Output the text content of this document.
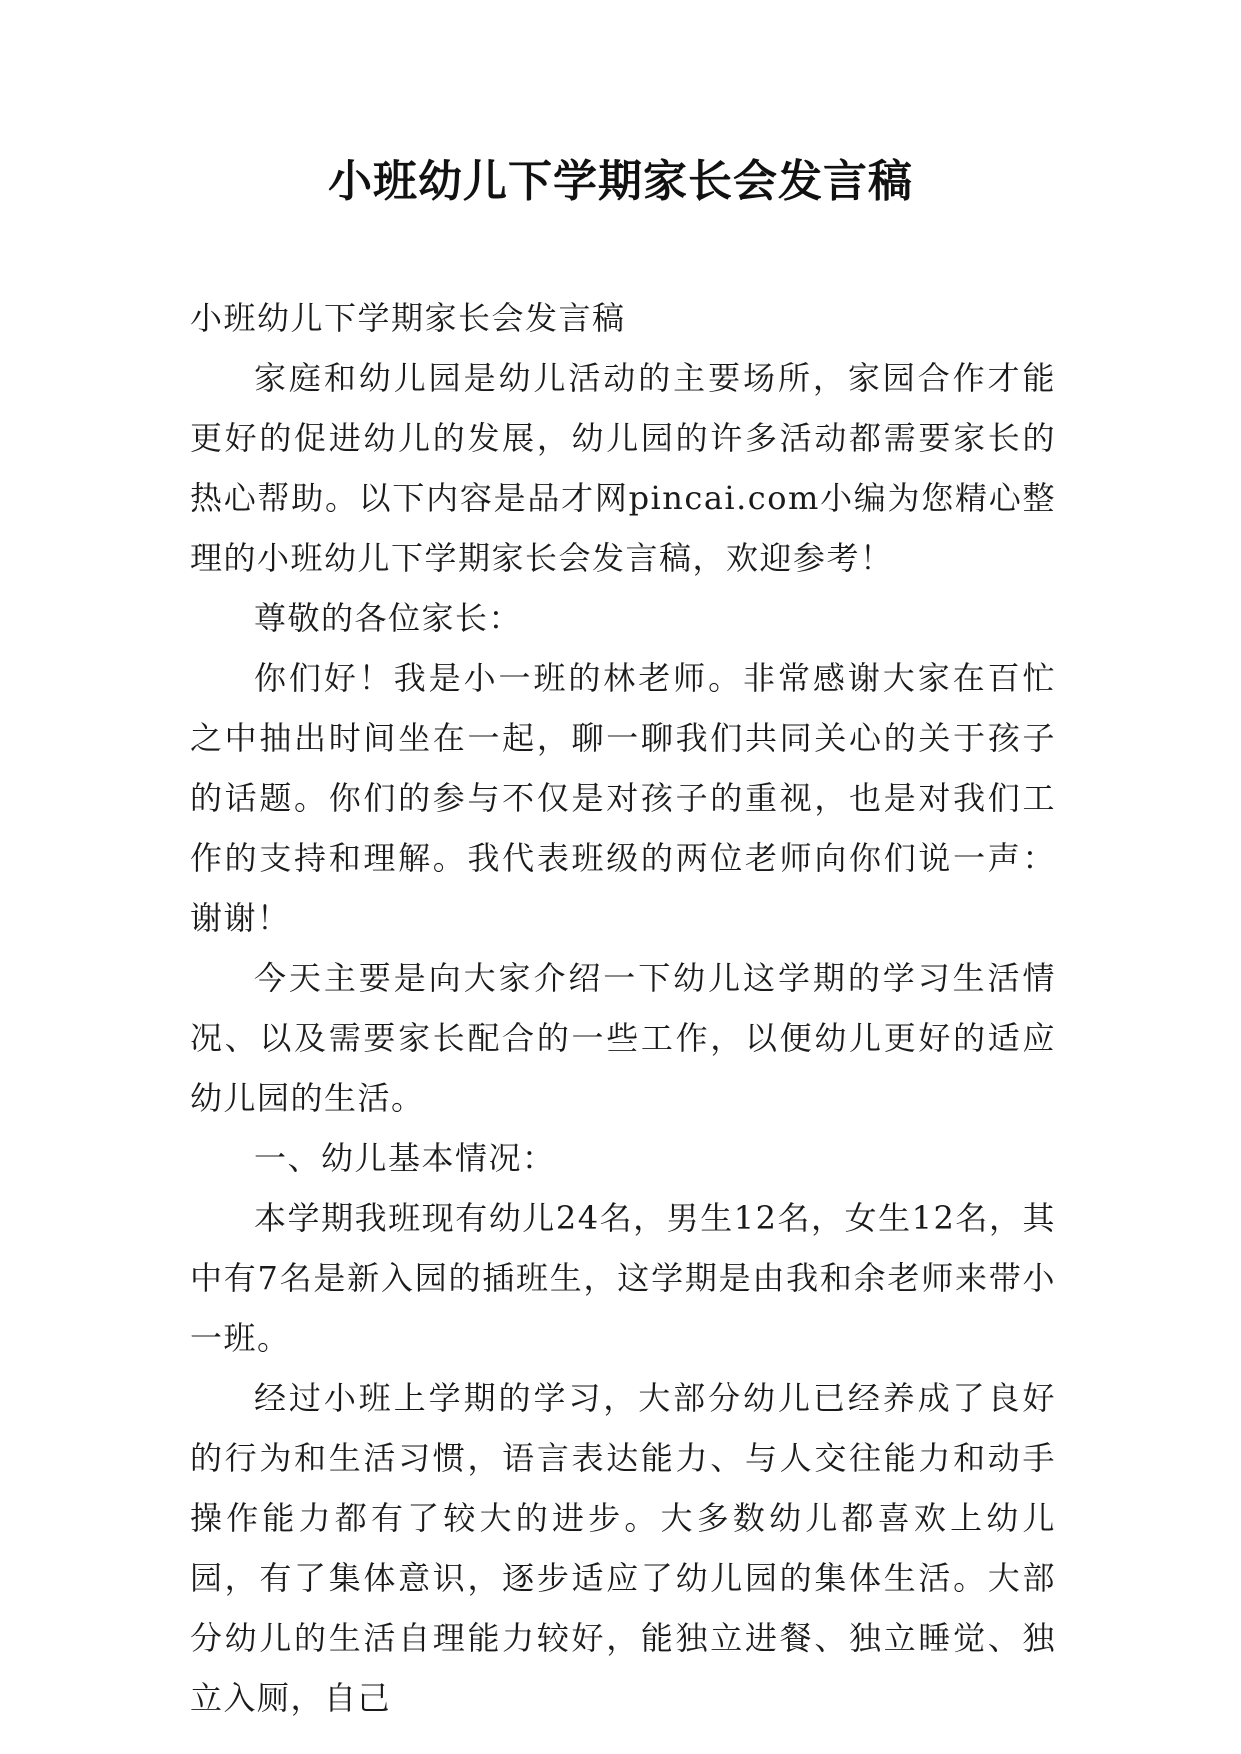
小班幼儿下学期家长会发言稿

小班幼儿下学期家长会发言稿

家庭和幼儿园是幼儿活动的主要场所，家园合作才能更好的促进幼儿的发展，幼儿园的许多活动都需要家长的热心帮助。以下内容是品才网pincai.com小编为您精心整理的小班幼儿下学期家长会发言稿，欢迎参考！

尊敬的各位家长：

你们好！我是小一班的林老师。非常感谢大家在百忙之中抽出时间坐在一起，聊一聊我们共同关心的关于孩子的话题。你们的参与不仅是对孩子的重视，也是对我们工作的支持和理解。我代表班级的两位老师向你们说一声：谢谢！

今天主要是向大家介绍一下幼儿这学期的学习生活情况、以及需要家长配合的一些工作，以便幼儿更好的适应幼儿园的生活。

一、幼儿基本情况：

本学期我班现有幼儿24名，男生12名，女生12名，其中有7名是新入园的插班生，这学期是由我和余老师来带小一班。

经过小班上学期的学习，大部分幼儿已经养成了良好的行为和生活习惯，语言表达能力、与人交往能力和动手操作能力都有了较大的进步。大多数幼儿都喜欢上幼儿园，有了集体意识，逐步适应了幼儿园的集体生活。大部分幼儿的生活自理能力较好，能独立进餐、独立睡觉、独立入厕，自己
